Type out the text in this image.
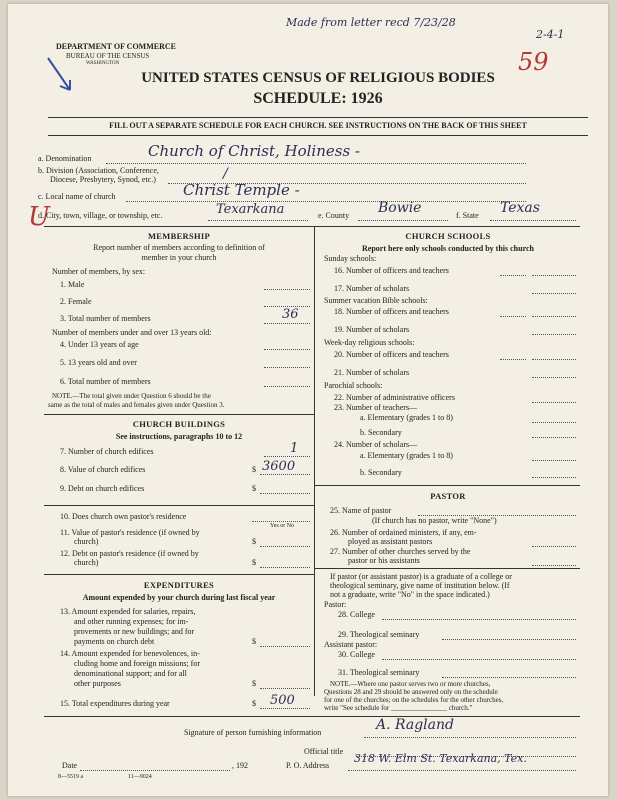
Made from letter recd 7/23/28
2-4-1
59
U
DEPARTMENT OF COMMERCE
BUREAU OF THE CENSUS
WASHINGTON
UNITED STATES CENSUS OF RELIGIOUS BODIES
SCHEDULE: 1926
FILL OUT A SEPARATE SCHEDULE FOR EACH CHURCH. SEE INSTRUCTIONS ON THE BACK OF THIS SHEET
a. Denomination	Church of Christ, Holiness -
b. Division (Association, Conference,
Diocese, Presbytery, Synod, etc.)	/
c. Local name of church	Christ Temple -
d. City, town, village, or township, etc.	Texarkana	e. County Bowie	f. State Texas
MEMBERSHIP
Report number of members according to definition of
member in your church
Number of members, by sex:
1. Male
2. Female
3. Total number of members	36
Number of members under and over 13 years old:
4. Under 13 years of age
5. 13 years old and over
6. Total number of members
NOTE.—The total given under Question 6 should be the
same as the total of males and females given under Question 3.
CHURCH BUILDINGS
See instructions, paragraphs 10 to 12
7. Number of church edifices	1
8. Value of church edifices	$ 3600
9. Debt on church edifices	$
10. Does church own pastor's residence
Yes or No
11. Value of pastor's residence (if owned by
church)	$
12. Debt on pastor's residence (if owned by
church)	$
EXPENDITURES
Amount expended by your church during last fiscal year
13. Amount expended for salaries, repairs,
and other running expenses; for im-
provements or new buildings; and for
payments on church debt	$
14. Amount expended for benevolences, in-
cluding home and foreign missions; for
denominational support; and for all
other purposes	$
15. Total expenditures during year	$ 500
CHURCH SCHOOLS
Report here only schools conducted by this church
Sunday schools:
16. Number of officers and teachers
17. Number of scholars
Summer vacation Bible schools:
18. Number of officers and teachers
19. Number of scholars
Week-day religious schools:
20. Number of officers and teachers
21. Number of scholars
Parochial schools:
22. Number of administrative officers
23. Number of teachers—
a. Elementary (grades 1 to 8)
b. Secondary
24. Number of scholars—
a. Elementary (grades 1 to 8)
b. Secondary
PASTOR
25. Name of pastor
(If church has no pastor, write "None")
26. Number of ordained ministers, if any, em-
ployed as assistant pastors
27. Number of other churches served by the
pastor or his assistants
If pastor (or assistant pastor) is a graduate of a college or
theological seminary, give name of institution below. (If
not a graduate, write "No" in the space indicated.)
Pastor:
28. College
29. Theological seminary
Assistant pastor:
30. College
31. Theological seminary
NOTE.—Where one pastor serves two or more churches,
Questions 28 and 29 should be answered only on the schedule
for one of the churches; on the schedules for the other churches,
write "See schedule for ________________ church."
Signature of person furnishing information	A. Ragland
Official title
Date	, 192	P. O. Address
318 W. Elm St. Texarkana, Tex.
8—5519 a	11—9024
